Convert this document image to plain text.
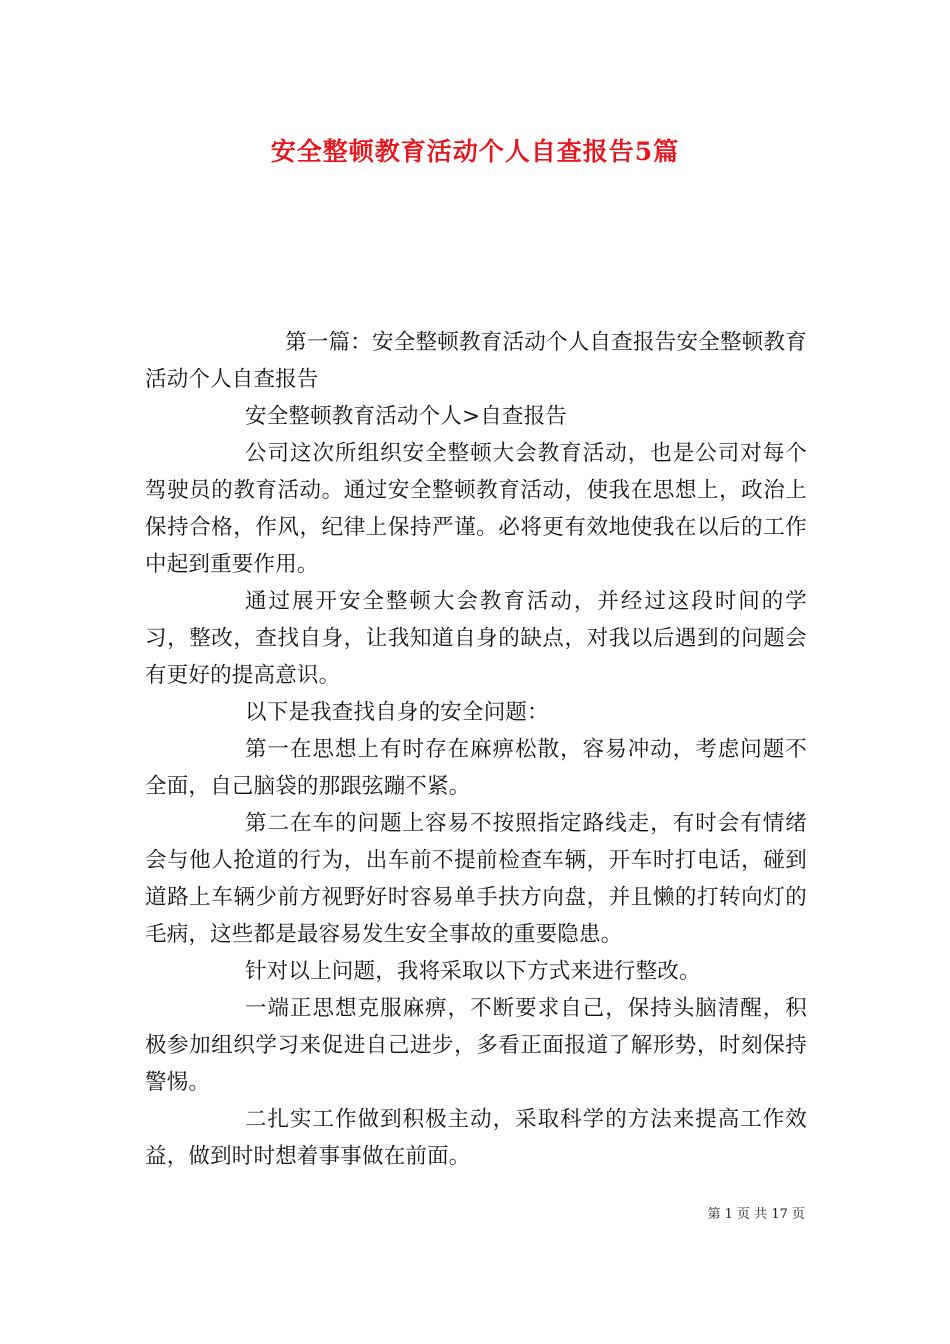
安全整顿教育活动个人自查报告5篇

第一篇：安全整顿教育活动个人自查报告安全整顿教育活动个人自查报告

安全整顿教育活动个人>自查报告

公司这次所组织安全整顿大会教育活动，也是公司对每个驾驶员的教育活动。通过安全整顿教育活动，使我在思想上，政治上保持合格，作风，纪律上保持严谨。必将更有效地使我在以后的工作中起到重要作用。

通过展开安全整顿大会教育活动，并经过这段时间的学习，整改，查找自身，让我知道自身的缺点，对我以后遇到的问题会有更好的提高意识。

以下是我查找自身的安全问题：

第一在思想上有时存在麻痹松散，容易冲动，考虑问题不全面，自己脑袋的那跟弦蹦不紧。

第二在车的问题上容易不按照指定路线走，有时会有情绪会与他人抢道的行为，出车前不提前检查车辆，开车时打电话，碰到道路上车辆少前方视野好时容易单手扶方向盘，并且懒的打转向灯的毛病，这些都是最容易发生安全事故的重要隐患。

针对以上问题，我将采取以下方式来进行整改。

一端正思想克服麻痹，不断要求自己，保持头脑清醒，积极参加组织学习来促进自己进步，多看正面报道了解形势，时刻保持警惕。

二扎实工作做到积极主动，采取科学的方法来提高工作效益，做到时时想着事事做在前面。

第 1 页 共 17 页
